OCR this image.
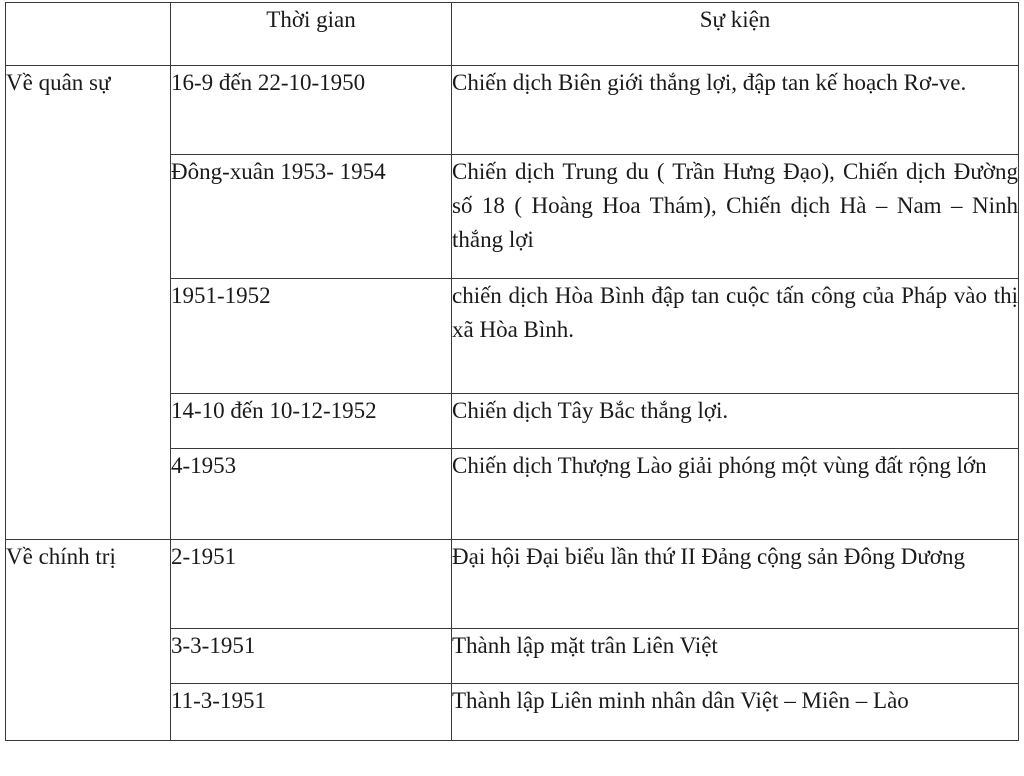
	Thời gian	Sự kiện
Về quân sự	16-9 đến 22-10-1950	Chiến dịch Biên giới thắng lợi, đập tan kế hoạch Rơ-ve.
	Đông-xuân 1953- 1954	Chiến dịch Trung du ( Trần Hưng Đạo), Chiến dịch Đường số 18 ( Hoàng Hoa Thám), Chiến dịch Hà – Nam – Ninh thắng lợi
	1951-1952	chiến dịch Hòa Bình đập tan cuộc tấn công của Pháp vào thị xã Hòa Bình.
	14-10 đến 10-12-1952	Chiến dịch Tây Bắc thắng lợi.
	4-1953	Chiến dịch Thượng Lào giải phóng một vùng đất rộng lớn
Về chính trị	2-1951	Đại hội Đại biểu lần thứ II Đảng cộng sản Đông Dương
	3-3-1951	Thành lập mặt trân Liên Việt
	11-3-1951	Thành lập Liên minh nhân dân Việt – Miên – Lào
